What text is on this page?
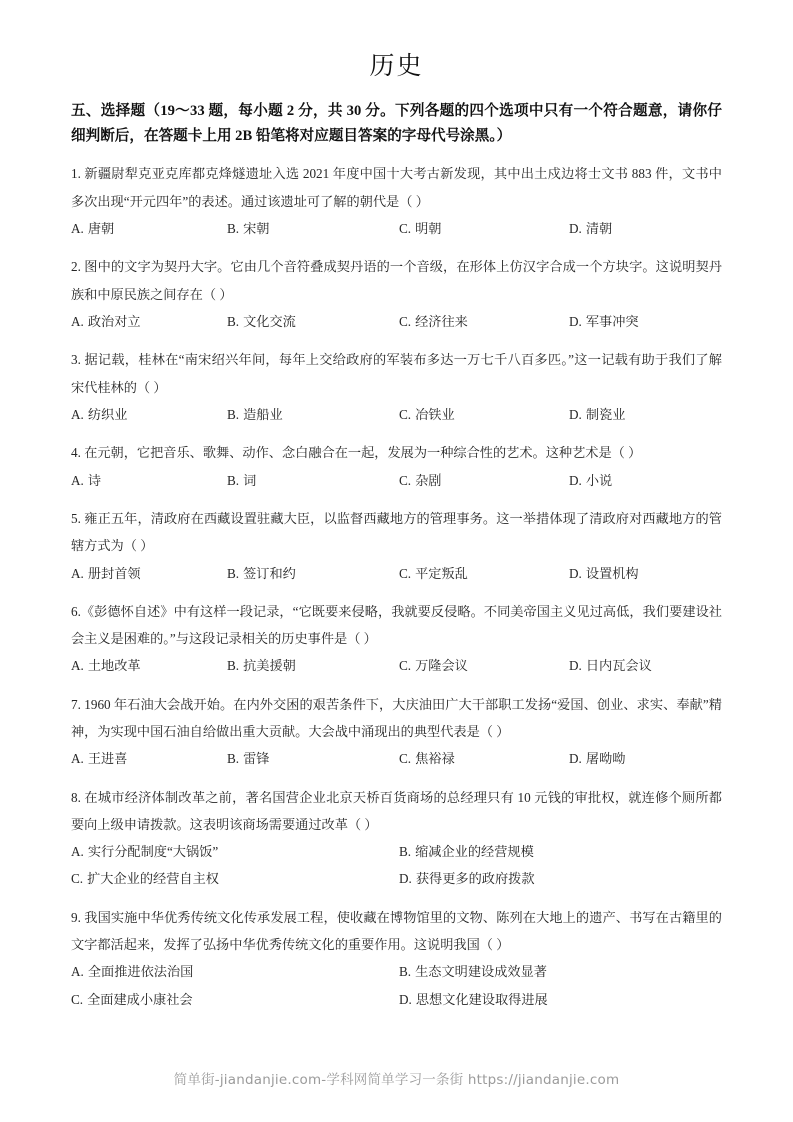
历史
五、选择题（19～33 题，每小题 2 分，共 30 分。下列各题的四个选项中只有一个符合题意，请你仔细判断后，在答题卡上用 2B 铅笔将对应题目答案的字母代号涂黑。）

1. 新疆尉犁克亚克库都克烽燧遗址入选 2021 年度中国十大考古新发现，其中出土戍边将士文书 883 件，文书中多次出现“开元四年”的表述。通过该遗址可了解的朝代是（ ）

A. 唐朝	B. 宋朝	C. 明朝	D. 清朝

2. 图中的文字为契丹大字。它由几个音符叠成契丹语的一个音级，在形体上仿汉字合成一个方块字。这说明契丹族和中原民族之间存在（ ）

A. 政治对立	B. 文化交流	C. 经济往来	D. 军事冲突

3. 据记载，桂林在“南宋绍兴年间，每年上交给政府的军装布多达一万七千八百多匹。”这一记载有助于我们了解宋代桂林的（ ）

A. 纺织业	B. 造船业	C. 冶铁业	D. 制瓷业

4. 在元朝，它把音乐、歌舞、动作、念白融合在一起，发展为一种综合性的艺术。这种艺术是（ ）

A. 诗	B. 词	C. 杂剧	D. 小说

5. 雍正五年，清政府在西藏设置驻藏大臣，以监督西藏地方的管理事务。这一举措体现了清政府对西藏地方的管辖方式为（ ）

A. 册封首领	B. 签订和约	C. 平定叛乱	D. 设置机构

6.《彭德怀自述》中有这样一段记录，“它既要来侵略，我就要反侵略。不同美帝国主义见过高低，我们要建设社会主义是困难的。”与这段记录相关的历史事件是（ ）

A. 土地改革	B. 抗美援朝	C. 万隆会议	D. 日内瓦会议

7. 1960 年石油大会战开始。在内外交困的艰苦条件下，大庆油田广大干部职工发扬“爱国、创业、求实、奉献”精神，为实现中国石油自给做出重大贡献。大会战中涌现出的典型代表是（ ）

A. 王进喜	B. 雷锋	C. 焦裕禄	D. 屠呦呦

8. 在城市经济体制改革之前，著名国营企业北京天桥百货商场的总经理只有 10 元钱的审批权，就连修个厕所都要向上级申请拨款。这表明该商场需要通过改革（ ）

A. 实行分配制度“大锅饭”	B. 缩减企业的经营规模
C. 扩大企业的经营自主权	D. 获得更多的政府拨款

9. 我国实施中华优秀传统文化传承发展工程，使收藏在博物馆里的文物、陈列在大地上的遗产、书写在古籍里的文字都活起来，发挥了弘扬中华优秀传统文化的重要作用。这说明我国（ ）

A. 全面推进依法治国	B. 生态文明建设成效显著
C. 全面建成小康社会	D. 思想文化建设取得进展
简单街-jiandanjie.com-学科网简单学习一条街 https://jiandanjie.com
